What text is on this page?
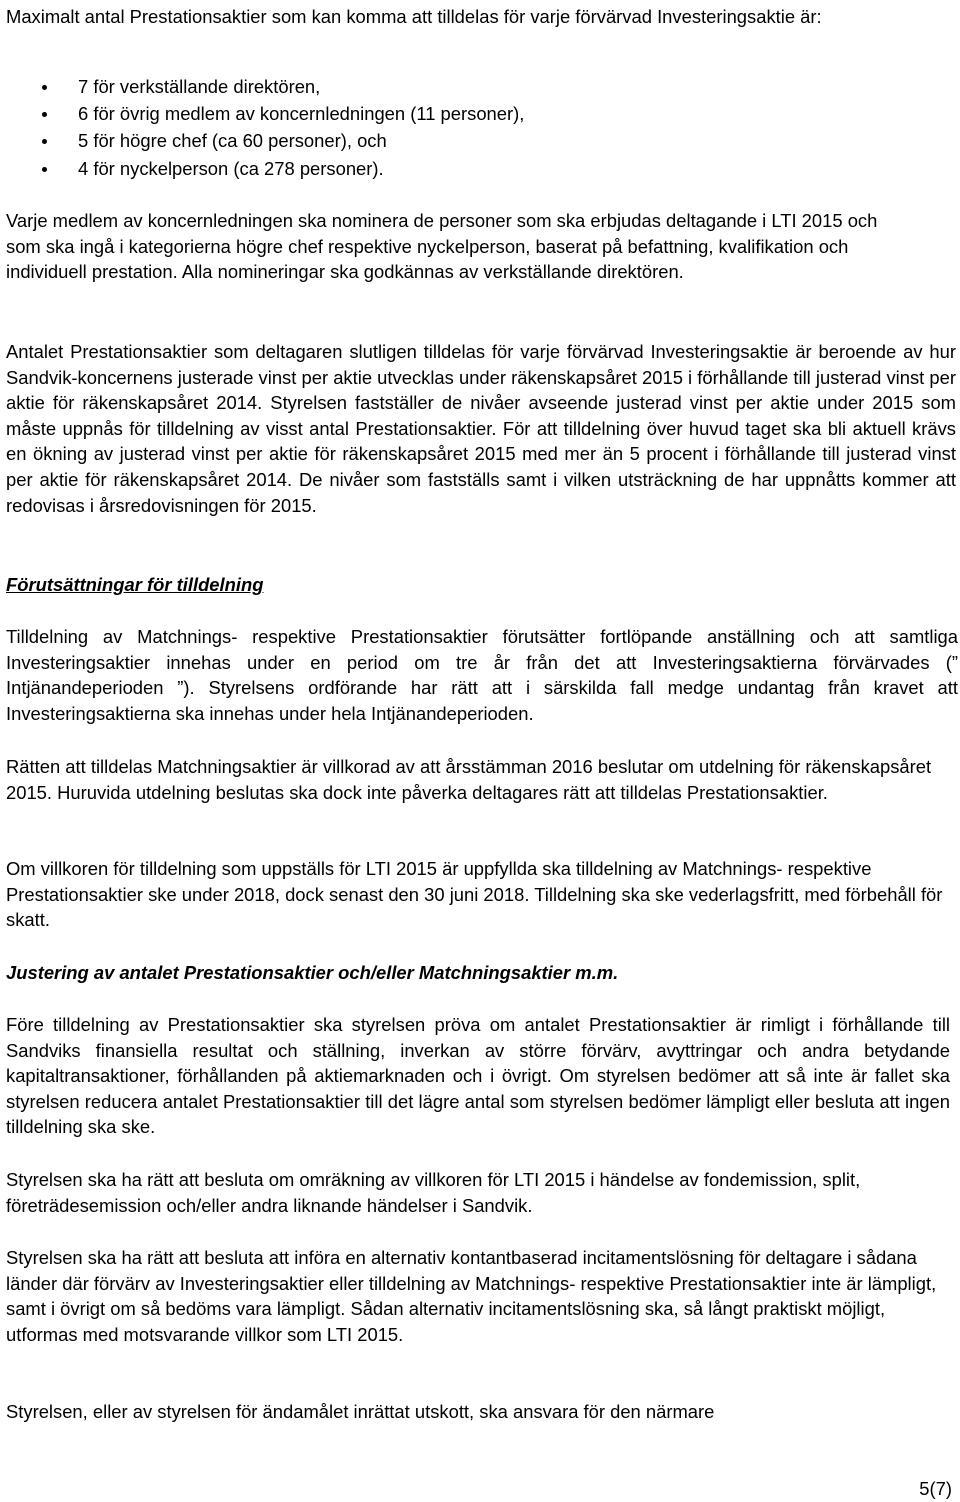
Maximalt antal Prestationsaktier som kan komma att tilldelas för varje förvärvad Investeringsaktie är:

7 för verkställande direktören,
6 för övrig medlem av koncernledningen (11 personer),
5 för högre chef (ca 60 personer), och
4 för nyckelperson (ca 278 personer).

Varje medlem av koncernledningen ska nominera de personer som ska erbjudas deltagande i LTI 2015 och som ska ingå i kategorierna högre chef respektive nyckelperson, baserat på befattning, kvalifikation och individuell prestation. Alla nomineringar ska godkännas av verkställande direktören.

Antalet Prestationsaktier som deltagaren slutligen tilldelas för varje förvärvad Investeringsaktie är beroende av hur Sandvik-koncernens justerade vinst per aktie utvecklas under räkenskapsåret 2015 i förhållande till justerad vinst per aktie för räkenskapsåret 2014. Styrelsen fastställer de nivåer avseende justerad vinst per aktie under 2015 som måste uppnås för tilldelning av visst antal Prestationsaktier. För att tilldelning över huvud taget ska bli aktuell krävs en ökning av justerad vinst per aktie för räkenskapsåret 2015 med mer än 5 procent i förhållande till justerad vinst per aktie för räkenskapsåret 2014. De nivåer som fastställs samt i vilken utsträckning de har uppnåtts kommer att redovisas i årsredovisningen för 2015.

Förutsättningar för tilldelning

Tilldelning av Matchnings- respektive Prestationsaktier förutsätter fortlöpande anställning och att samtliga Investeringsaktier innehas under en period om tre år från det att Investeringsaktierna förvärvades (” Intjänandeperioden ”). Styrelsens ordförande har rätt att i särskilda fall medge undantag från kravet att Investeringsaktierna ska innehas under hela Intjänandeperioden.

Rätten att tilldelas Matchningsaktier är villkorad av att årsstämman 2016 beslutar om utdelning för räkenskapsåret 2015. Huruvida utdelning beslutas ska dock inte påverka deltagares rätt att tilldelas Prestationsaktier.

Om villkoren för tilldelning som uppställs för LTI 2015 är uppfyllda ska tilldelning av Matchnings- respektive Prestationsaktier ske under 2018, dock senast den 30 juni 2018. Tilldelning ska ske vederlagsfritt, med förbehåll för skatt.

Justering av antalet Prestationsaktier och/eller Matchningsaktier m.m.

Före tilldelning av Prestationsaktier ska styrelsen pröva om antalet Prestationsaktier är rimligt i förhållande till Sandviks finansiella resultat och ställning, inverkan av större förvärv, avyttringar och andra betydande kapitaltransaktioner, förhållanden på aktiemarknaden och i övrigt. Om styrelsen bedömer att så inte är fallet ska styrelsen reducera antalet Prestationsaktier till det lägre antal som styrelsen bedömer lämpligt eller besluta att ingen tilldelning ska ske.

Styrelsen ska ha rätt att besluta om omräkning av villkoren för LTI 2015 i händelse av fondemission, split, företrädesemission och/eller andra liknande händelser i Sandvik.

Styrelsen ska ha rätt att besluta att införa en alternativ kontantbaserad incitamentslösning för deltagare i sådana länder där förvärv av Investeringsaktier eller tilldelning av Matchnings- respektive Prestationsaktier inte är lämpligt, samt i övrigt om så bedöms vara lämpligt. Sådan alternativ incitamentslösning ska, så långt praktiskt möjligt, utformas med motsvarande villkor som LTI 2015.

Styrelsen, eller av styrelsen för ändamålet inrättat utskott, ska ansvara för den närmare

5(7)
